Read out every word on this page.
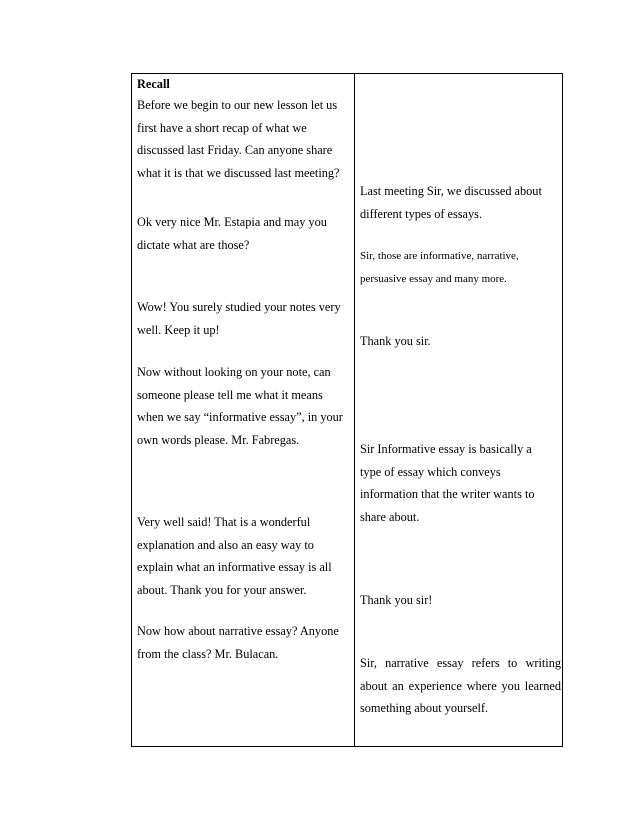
Recall
Before we begin to our new lesson let us
first have a short recap of what we
discussed last Friday. Can anyone share
what it is that we discussed last meeting?
Ok very nice Mr. Estapia and may you
dictate what are those?
Wow! You surely studied your notes very
well. Keep it up!
Now without looking on your note, can
someone please tell me what it means
when we say “informative essay”, in your
own words please. Mr. Fabregas.
Very well said! That is a wonderful
explanation and also an easy way to
explain what an informative essay is all
about. Thank you for your answer.
Now how about narrative essay? Anyone
from the class? Mr. Bulacan.
Last meeting Sir, we discussed about
different types of essays.
Sir, those are informative, narrative,
persuasive essay and many more.
Thank you sir.
Sir Informative essay is basically a
type of essay which conveys
information that the writer wants to
share about.
Thank you sir!
Sir, narrative essay refers to writing about an experience where you learned something about yourself.
